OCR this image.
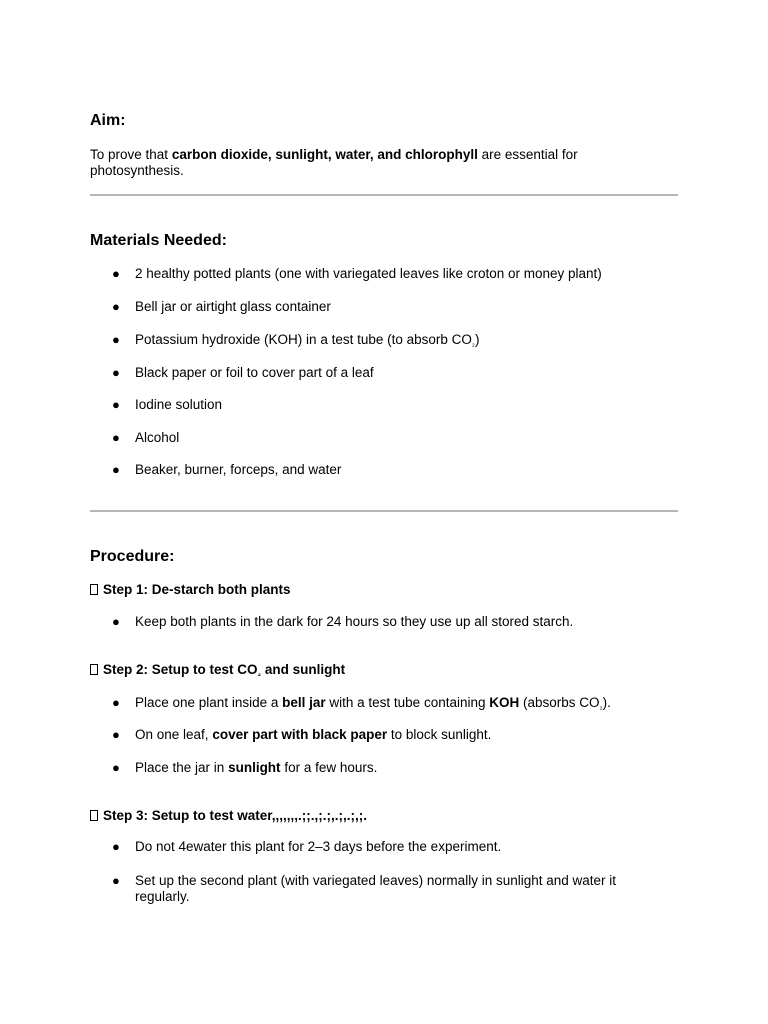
Aim:
To prove that carbon dioxide, sunlight, water, and chlorophyll are essential for
photosynthesis.
Materials Needed:
● 2 healthy potted plants (one with variegated leaves like croton or money plant)
● Bell jar or airtight glass container
● Potassium hydroxide (KOH) in a test tube (to absorb $CO_{_2}$)
● Black paper or foil to cover part of a leaf
● Iodine solution
● Alcohol
● Beaker, burner, forceps, and water
Procedure:
Step 1: De-starch both plants
● Keep both plants in the dark for 24 hours so they use up all stored starch.
Step 2: Setup to test $CO_{_2}$ and sunlight
● Place one plant inside a bell jar with a test tube containing KOH (absorbs $CO_{_2}$).
● On one leaf, cover part with black paper to block sunlight.
● Place the jar in sunlight for a few hours.
Step 3: Setup to test water,,,,,,,.;;.,;.;,.;,.;,;.
● Do not 4ewater this plant for 2–3 days before the experiment.
● Set up the second plant (with variegated leaves) normally in sunlight and water it
regularly.
